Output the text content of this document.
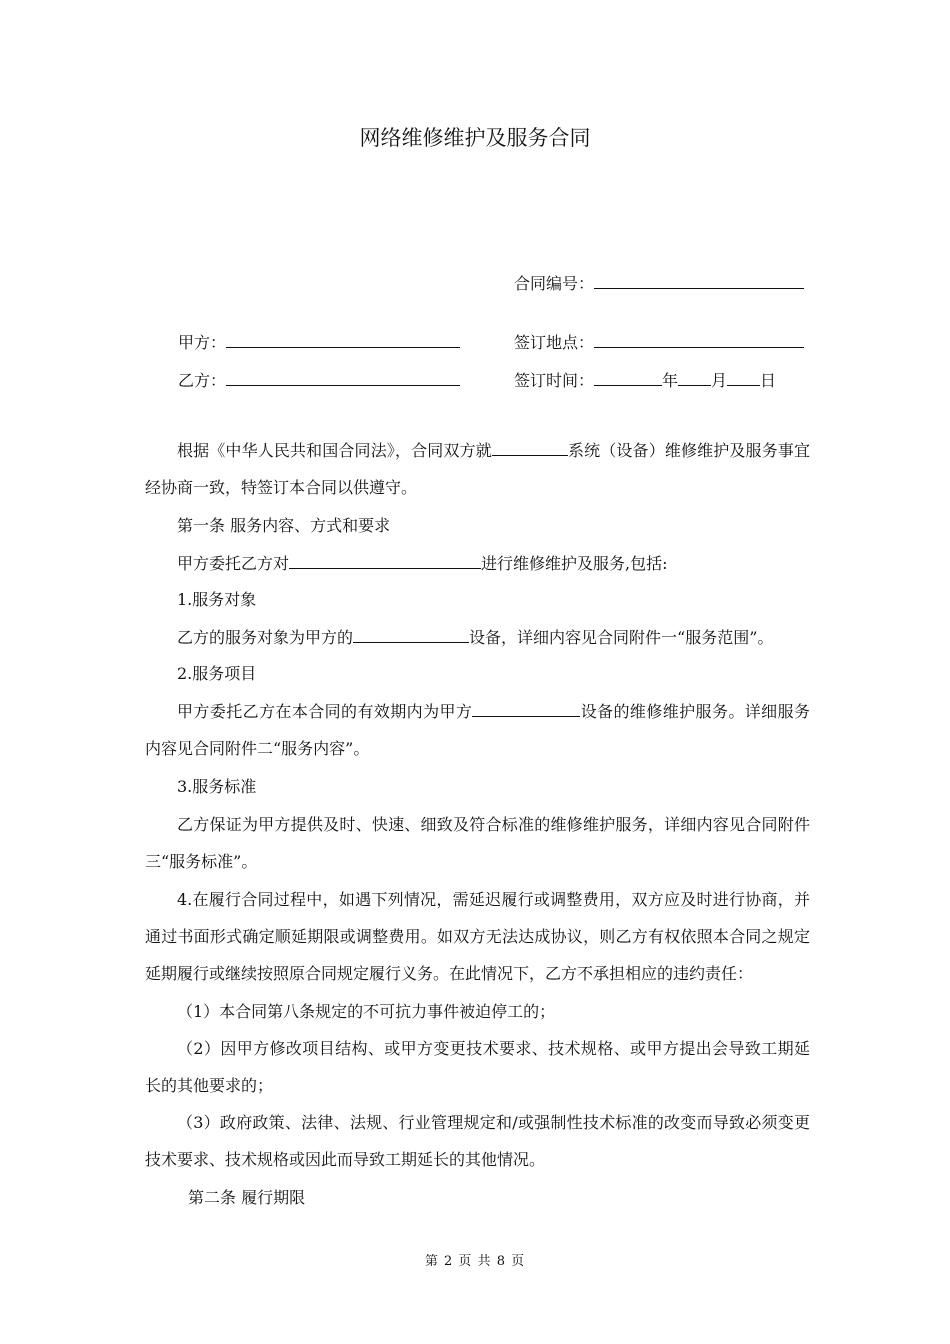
网络维修维护及服务合同
合同编号：
甲方：	签订地点：
乙方：	签订时间：	年 月 日
根据《中华人民共和国合同法》，合同双方就	系统（设备）维修维护及服务事宜经协商一致，特签订本合同以供遵守。
第一条 服务内容、方式和要求
甲方委托乙方对	进行维修维护及服务,包括:
1.服务对象
乙方的服务对象为甲方的	设备，详细内容见合同附件一“服务范围”。
2.服务项目
甲方委托乙方在本合同的有效期内为甲方	设备的维修维护服务。详细服务内容见合同附件二“服务内容”。
3.服务标准
乙方保证为甲方提供及时、快速、细致及符合标准的维修维护服务，详细内容见合同附件三“服务标准”。
4.在履行合同过程中，如遇下列情况，需延迟履行或调整费用，双方应及时进行协商，并通过书面形式确定顺延期限或调整费用。如双方无法达成协议，则乙方有权依照本合同之规定延期履行或继续按照原合同规定履行义务。在此情况下，乙方不承担相应的违约责任：
（1）本合同第八条规定的不可抗力事件被迫停工的；
（2）因甲方修改项目结构、或甲方变更技术要求、技术规格、或甲方提出会导致工期延长的其他要求的；
（3）政府政策、法律、法规、行业管理规定和/或强制性技术标准的改变而导致必须变更技术要求、技术规格或因此而导致工期延长的其他情况。
第二条 履行期限
第 2 页 共 8 页
